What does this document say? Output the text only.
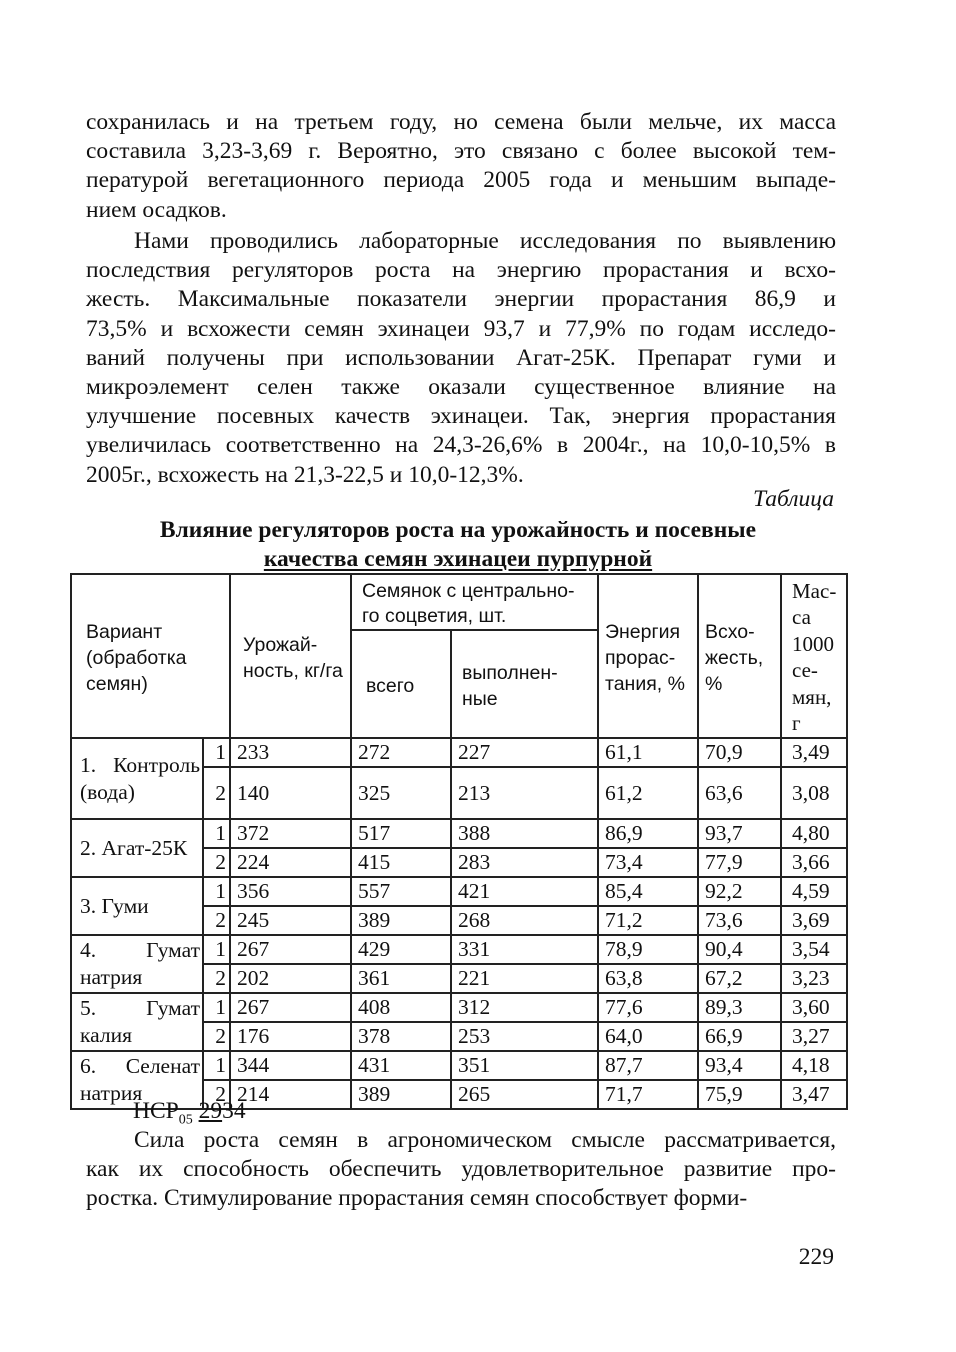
сохранилась и на третьем году, но семена были мельче, их масса
составила 3,23-3,69 г. Вероятно, это связано с более высокой тем-
пературой вегетационного периода 2005 года и меньшим выпаде-
нием осадков.
Нами проводились лабораторные исследования по выявлению
последствия регуляторов роста на энергию прорастания и всхо-
жесть. Максимальные показатели энергии прорастания 86,9 и
73,5% и всхожести семян эхинацеи 93,7 и 77,9% по годам исследо-
ваний получены при использовании Агат-25К. Препарат гуми и
микроэлемент селен также оказали существенное влияние на
улучшение посевных качеств эхинацеи. Так, энергия прорастания
увеличилась соответственно на 24,3-26,6% в 2004г., на 10,0-10,5% в
2005г., всхожесть на 21,3-22,5 и 10,0-12,3%.
Таблица
Влияние регуляторов роста на урожайность и посевные
качества семян эхинацеи пурпурной
Вариант (обработка семян)		Урожай-ность, кг/га	Семянок с центрально-го соцветия, шт.		Энергия прорас-тания, %	Всхо-жесть, %	Мас-са 1000 се-мян, г
			всего	выполнен-ные			
1. Контроль (вода)	1	233	272	227	61,1	70,9	3,49
	2	140	325	213	61,2	63,6	3,08
2. Агат-25К	1	372	517	388	86,9	93,7	4,80
	2	224	415	283	73,4	77,9	3,66
3. Гуми	1	356	557	421	85,4	92,2	4,59
	2	245	389	268	71,2	73,6	3,69
4. Гумат натрия	1	267	429	331	78,9	90,4	3,54
	2	202	361	221	63,8	67,2	3,23
5. Гумат калия	1	267	408	312	77,6	89,3	3,60
	2	176	378	253	64,0	66,9	3,27
6. Селенат натрия	1	344	431	351	87,7	93,4	4,18
	2	214	389	265	71,7	75,9	3,47
$НСР_{05}$ 2934
Сила роста семян в агрономическом смысле рассматривается,
как их способность обеспечить удовлетворительное развитие про-
ростка. Стимулирование прорастания семян способствует форми-
229
